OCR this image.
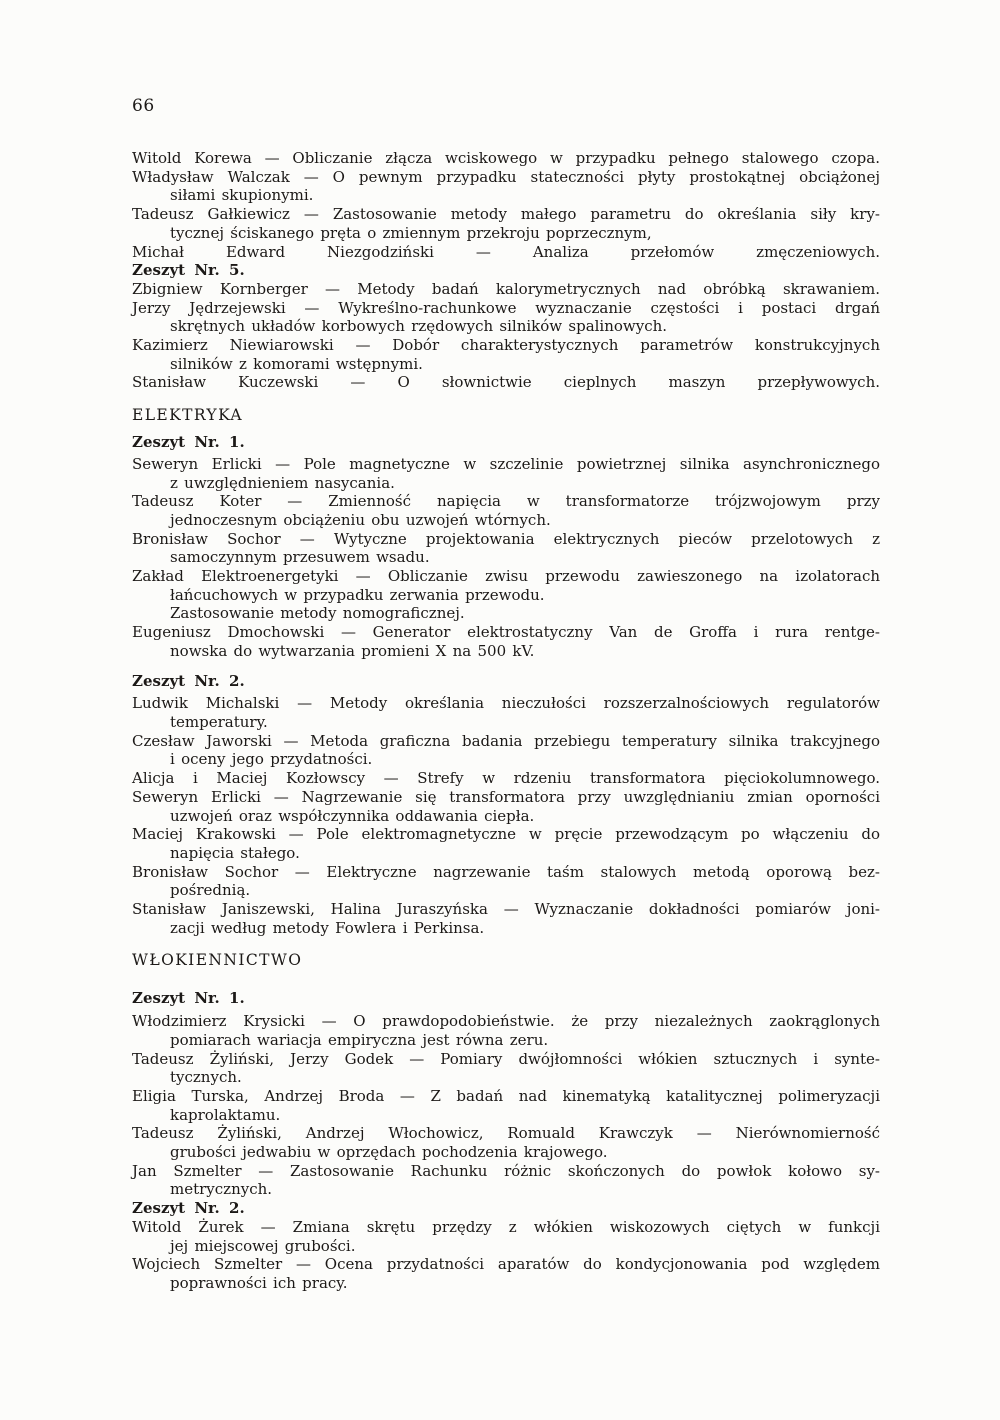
66
Witold Korewa — Obliczanie złącza wciskowego w przypadku pełnego stalowego czopa.
Władysław Walczak — O pewnym przypadku stateczności płyty prostokątnej obciążonej
siłami skupionymi.
Tadeusz Gałkiewicz — Zastosowanie metody małego parametru do określania siły kry-
tycznej ściskanego pręta o zmiennym przekroju poprzecznym,
Michał Edward Niezgodziński — Analiza przełomów zmęczeniowych.
Zeszyt Nr. 5.
Zbigniew Kornberger — Metody badań kalorymetrycznych nad obróbką skrawaniem.
Jerzy Jędrzejewski — Wykreślno-rachunkowe wyznaczanie częstości i postaci drgań
skrętnych układów korbowych rzędowych silników spalinowych.
Kazimierz Niewiarowski — Dobór charakterystycznych parametrów konstrukcyjnych
silników z komorami wstępnymi.
Stanisław Kuczewski — O słownictwie cieplnych maszyn przepływowych.
ELEKTRYKA
Zeszyt Nr. 1.
Seweryn Erlicki — Pole magnetyczne w szczelinie powietrznej silnika asynchronicznego
z uwzględnieniem nasycania.
Tadeusz Koter — Zmienność napięcia w transformatorze trójzwojowym przy
jednoczesnym obciążeniu obu uzwojeń wtórnych.
Bronisław Sochor — Wytyczne projektowania elektrycznych pieców przelotowych z
samoczynnym przesuwem wsadu.
Zakład Elektroenergetyki — Obliczanie zwisu przewodu zawieszonego na izolatorach
łańcuchowych w przypadku zerwania przewodu.
Zastosowanie metody nomograficznej.
Eugeniusz Dmochowski — Generator elektrostatyczny Van de Groffa i rura rentge-
nowska do wytwarzania promieni X na 500 kV.
Zeszyt Nr. 2.
Ludwik Michalski — Metody określania nieczułości rozszerzalnościowych regulatorów
temperatury.
Czesław Jaworski — Metoda graficzna badania przebiegu temperatury silnika trakcyjnego
i oceny jego przydatności.
Alicja i Maciej Kozłowscy — Strefy w rdzeniu transformatora pięciokolumnowego.
Seweryn Erlicki — Nagrzewanie się transformatora przy uwzględnianiu zmian oporności
uzwojeń oraz współczynnika oddawania ciepła.
Maciej Krakowski — Pole elektromagnetyczne w pręcie przewodzącym po włączeniu do
napięcia stałego.
Bronisław Sochor — Elektryczne nagrzewanie taśm stalowych metodą oporową bez-
pośrednią.
Stanisław Janiszewski, Halina Juraszyńska — Wyznaczanie dokładności pomiarów joni-
zacji według metody Fowlera i Perkinsa.
WŁOKIENNICTWO
Zeszyt Nr. 1.
Włodzimierz Krysicki — O prawdopodobieństwie. że przy niezależnych zaokrąglonych
pomiarach wariacja empiryczna jest równa zeru.
Tadeusz Żyliński, Jerzy Godek — Pomiary dwójłomności włókien sztucznych i synte-
tycznych.
Eligia Turska, Andrzej Broda — Z badań nad kinematyką katalitycznej polimeryzacji
kaprolaktamu.
Tadeusz Żyliński, Andrzej Włochowicz, Romuald Krawczyk — Nierównomierność
grubości jedwabiu w oprzędach pochodzenia krajowego.
Jan Szmelter — Zastosowanie Rachunku różnic skończonych do powłok kołowo sy-
metrycznych.
Zeszyt Nr. 2.
Witold Żurek — Zmiana skrętu przędzy z włókien wiskozowych ciętych w funkcji
jej miejscowej grubości.
Wojciech Szmelter — Ocena przydatności aparatów do kondycjonowania pod względem
poprawności ich pracy.
